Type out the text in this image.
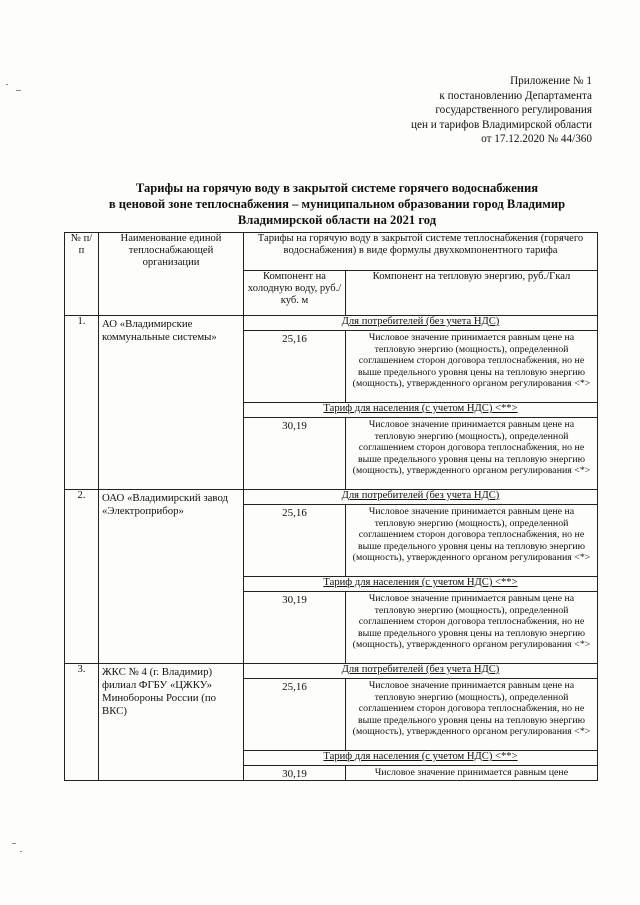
Приложение № 1
к постановлению Департамента
государственного регулирования
цен и тарифов Владимирской области
от 17.12.2020 № 44/360
Тарифы на горячую воду в закрытой системе горячего водоснабжения
в ценовой зоне теплоснабжения – муниципальном образовании город Владимир
Владимирской области на 2021 год
№ п/п	Наименование единой теплоснабжающей организации	Тарифы на горячую воду в закрытой системе теплоснабжения (горячего водоснабжения) в виде формулы двухкомпонентного тарифа	
		Компонент на холодную воду, руб./куб. м	Компонент на тепловую энергию, руб./Гкал
1.	АО «Владимирские коммунальные системы»	Для потребителей (без учета НДС)	
		25,16	Числовое значение принимается равным цене на тепловую энергию (мощность), определенной соглашением сторон договора теплоснабжения, но не выше предельного уровня цены на тепловую энергию (мощность), утвержденного органом регулирования <*>
		Тариф для населения (с учетом НДС) <**>	
		30,19	Числовое значение принимается равным цене на тепловую энергию (мощность), определенной соглашением сторон договора теплоснабжения, но не выше предельного уровня цены на тепловую энергию (мощность), утвержденного органом регулирования <*>
2.	ОАО «Владимирский завод «Электроприбор»	Для потребителей (без учета НДС)	
		25,16	Числовое значение принимается равным цене на тепловую энергию (мощность), определенной соглашением сторон договора теплоснабжения, но не выше предельного уровня цены на тепловую энергию (мощность), утвержденного органом регулирования <*>
		Тариф для населения (с учетом НДС) <**>	
		30,19	Числовое значение принимается равным цене на тепловую энергию (мощность), определенной соглашением сторон договора теплоснабжения, но не выше предельного уровня цены на тепловую энергию (мощность), утвержденного органом регулирования <*>
3.	ЖКС № 4 (г. Владимир) филиал ФГБУ «ЦЖКУ» Минобороны России (по ВКС)	Для потребителей (без учета НДС)	
		25,16	Числовое значение принимается равным цене на тепловую энергию (мощность), определенной соглашением сторон договора теплоснабжения, но не выше предельного уровня цены на тепловую энергию (мощность), утвержденного органом регулирования <*>
		Тариф для населения (с учетом НДС) <**>	
		30,19	Числовое значение принимается равным цене
